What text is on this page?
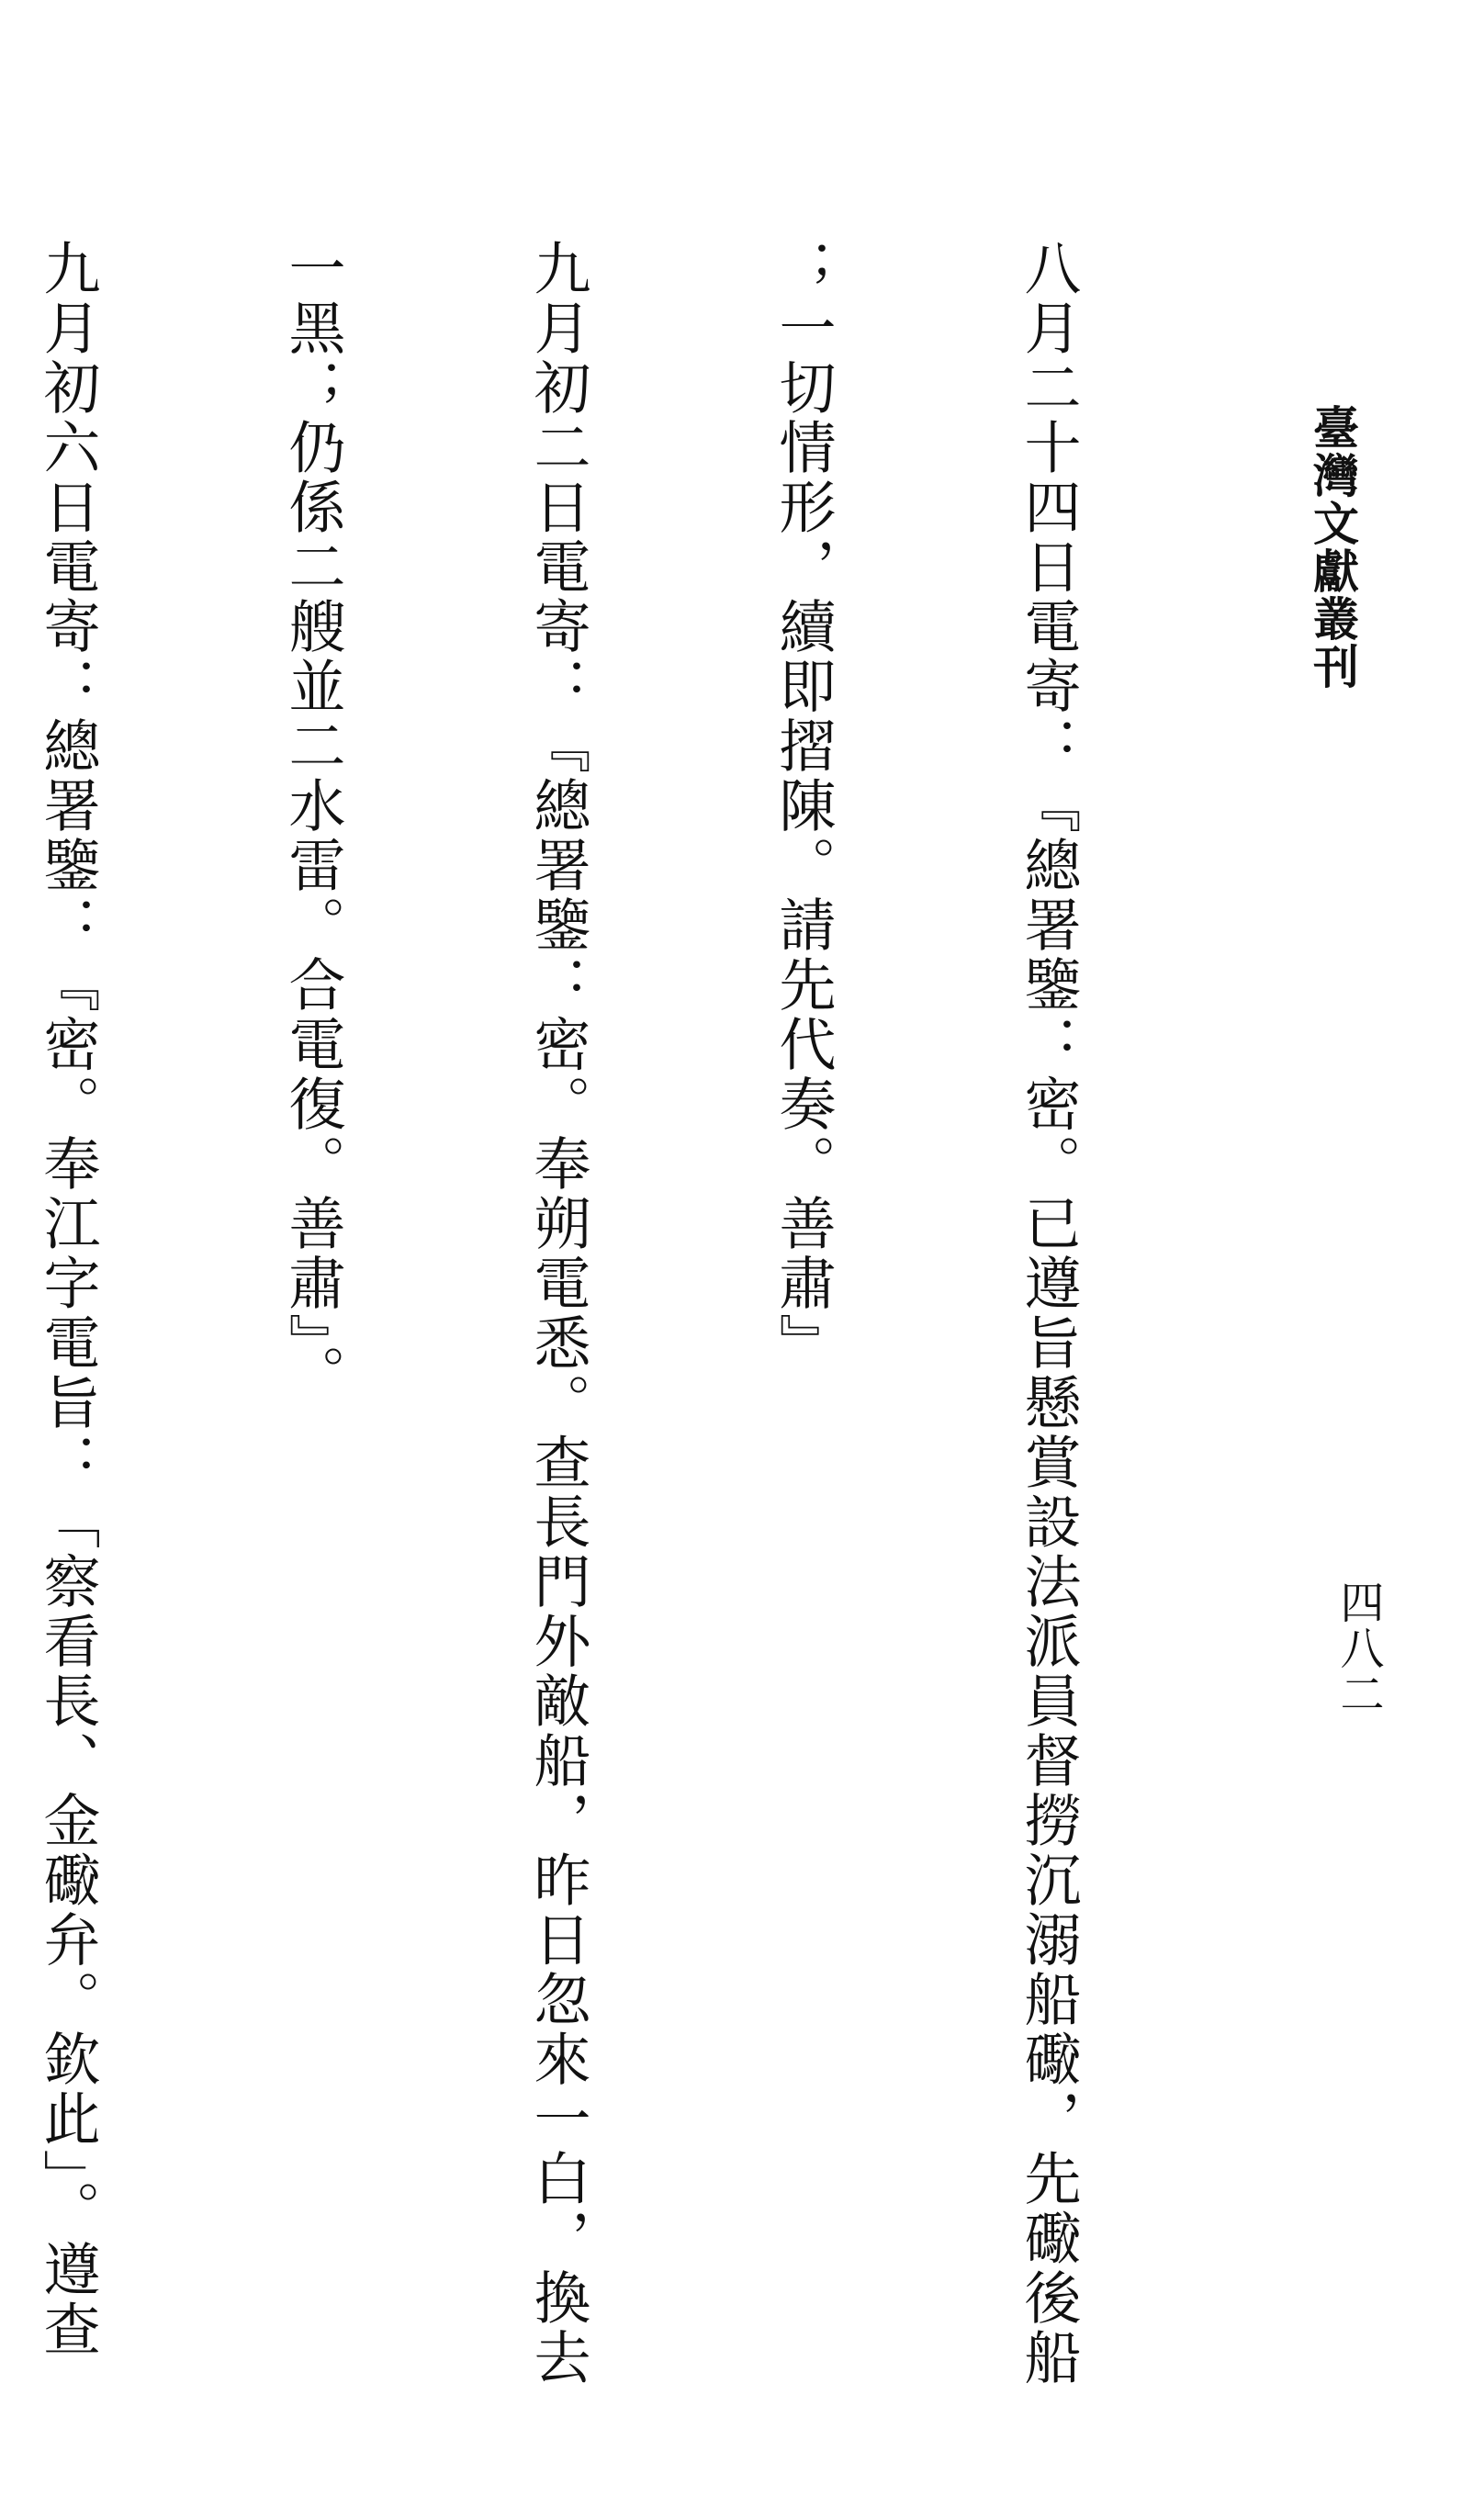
臺灣文獻叢刊
四八二

八月二十四日電寄：『總署鑒：密。已遵旨懸賞設法派員督撈沉溺船礮，先礮後船

；一切情形，續即摺陳。請先代奏。善肅』

九月初二日電寄：『總署鑒：密。奉朔電悉。查長門外敵船，昨日忽來一白，換去

一黑；仍係二艘並二水雷。合電復。善肅』。

九月初六日電寄：總署鑒：『密。奉江字電旨：「察看長、金礮弁。欽此」。遵查
